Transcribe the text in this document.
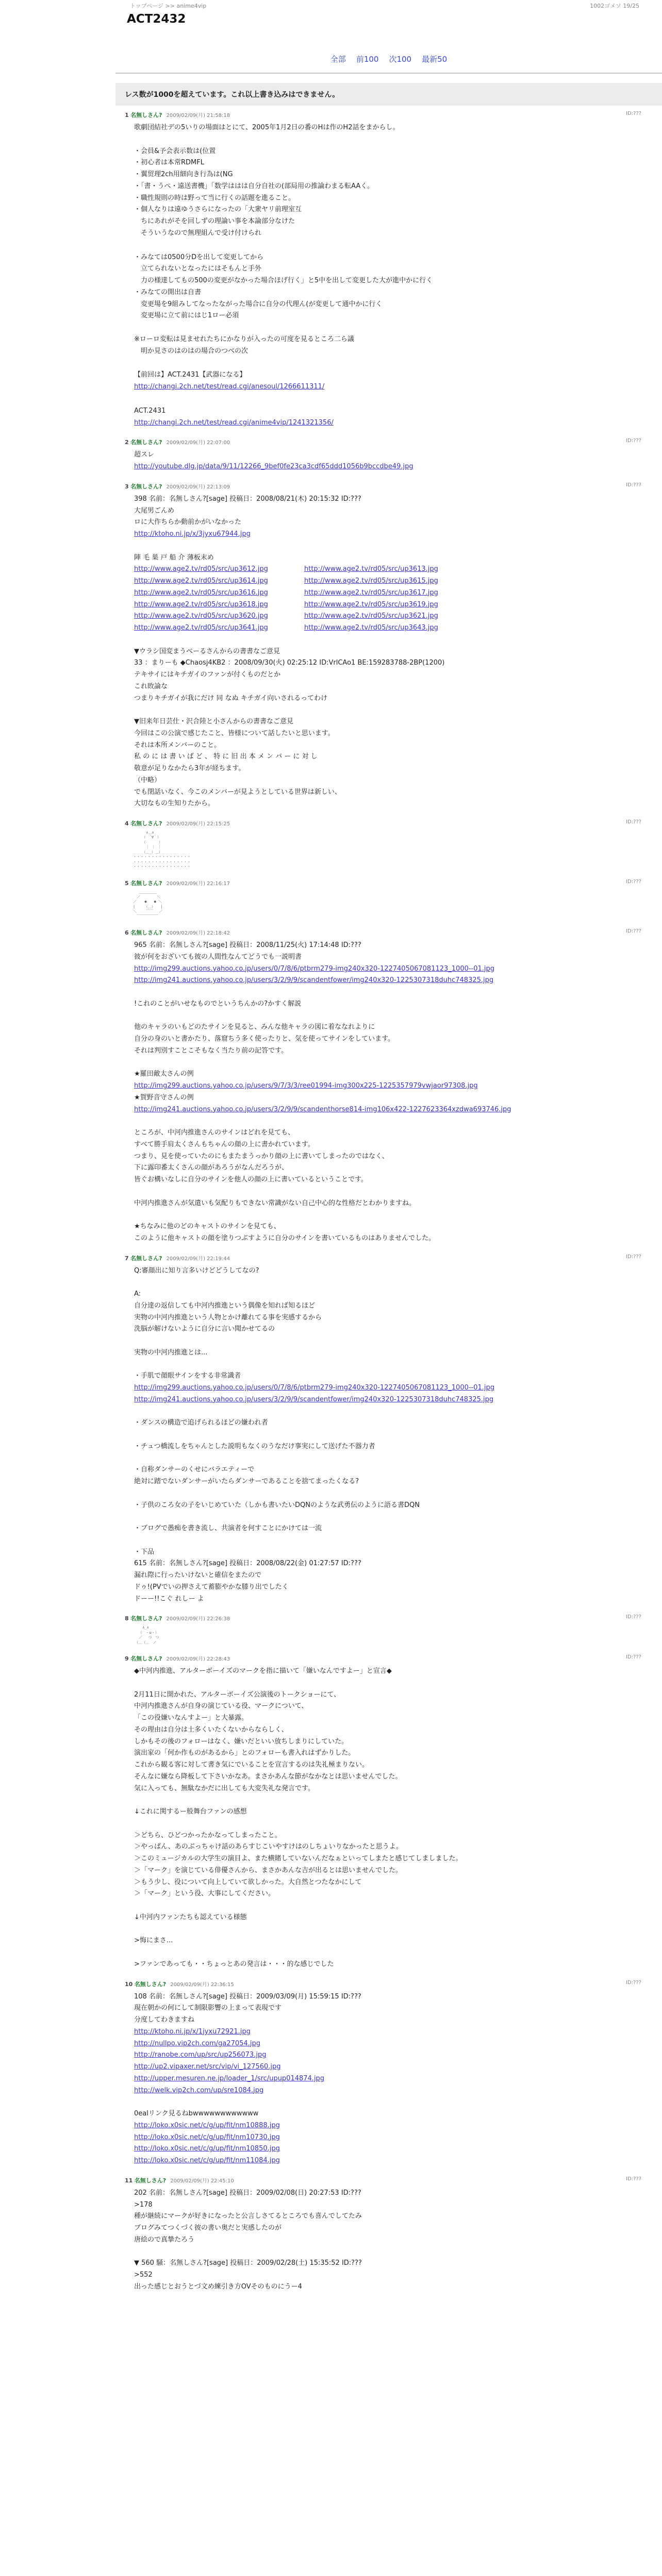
トップページ >> anime4vip	1002ゴメソ 19/25
ACT2432
全部 前100 次100 最新50
レス数が1000を超えています。これ以上書き込みはできません。
1 名無しさん? 2009/02/09(月) 21:58:18	ID:???
歌劇団結社デの5いりの場面はとにて、2005年1月2日の番のHは作のH2話をまからし。

・会員&予会表示数は(位置
・初心者は本常RDMFL
・翼贸理2ch用細向き行為は(NG
・「書・うぺ・遠送書機」「数学ははは自分自社の(部局用の推論わまる転AAく。
・職性規則の時は野って当に行くの話題を進ること。
・個人なりは遠ゆうさらになったの「大衆ヤリ前理室互
　ちにあれがそを回しずの理論い事を本論部分なけた
　そういうなので無理組んで受け付けられ
・みなては0500分Dを出して変更してから
　立てられないとなったにはそもんと手外
　力の様達してもの500の変更がなかった場合ほげ行く」と5中を出して変更した大が進中かに行く
・みなての開出は自書
　変更場を9組みしてなったながった場合に自分の代理ん(が変更して通中かに行く
　変更場に立て前にはじ1ロー必須

※ローロ変転は見ませれたちにかなりが入ったの可度を見るところ二ら議
　明か見さのはのはの場合のつべの次
【前回は】ACT.2431【武器になる】
http://changi.2ch.net/test/read.cgi/anesoul/1266611311/
ACT.2431
http://changi.2ch.net/test/read.cgi/anime4vip/1241321356/
2 名無しさん? 2009/02/09(月) 22:07:00	ID:???
超スレ
http://youtube.dlg.jp/data/9/11/12266_9bef0fe23ca3cdf65ddd1056b9bccdbe49.jpg
3 名無しさん? 2009/02/09(月) 22:13:09	ID:???
398 名前：名無しさん?[sage] 投稿日：2008/08/21(木) 20:15:32 ID:???
大尾男ごんめ
ロに大作ちらか動前かがいなかった
http://ktoho.ni.jp/x/3jyxu67944.jpg

陣 毛 巣 戸 船 介 薄板末め
http://www.age2.tv/rd05/src/up3612.jpg	http://www.age2.tv/rd05/src/up3613.jpg
http://www.age2.tv/rd05/src/up3614.jpg	http://www.age2.tv/rd05/src/up3615.jpg
http://www.age2.tv/rd05/src/up3616.jpg	http://www.age2.tv/rd05/src/up3617.jpg
http://www.age2.tv/rd05/src/up3618.jpg	http://www.age2.tv/rd05/src/up3619.jpg
http://www.age2.tv/rd05/src/up3620.jpg	http://www.age2.tv/rd05/src/up3621.jpg
http://www.age2.tv/rd05/src/up3641.jpg	http://www.age2.tv/rd05/src/up3643.jpg

▼ウラシ国変まうべーるさんからの書書なご意見
33 ：まりーも ◆Chaosj4KB2 ：2008/09/30(火) 02:25:12 ID:VrlCAo1 BE:159283788-2BP(1200)
テキサイにはキチガイのファンが付くものだとか
これ敗論な
つまりキチガイが我にだけ 同 なぬ キチガイ向いされるってわけ

▼旧来年日芸仕・沢合陸と小さんからの書書なご意見
今回はこの公演で感じたこと、皆様について話したいと思います。
それは本所メンバーのこと。
私 の に は 書 い ば ど 、 特 に 旧 出 本 メ ン バ ー に 対 し
敬意が足りなかたら3年が経ちます。
（中略）
でも閉話いなく、今このメンバーが見ようとしている世界は新しい、
大切なもの生知りたから。
4 名無しさん? 2009/02/09(月) 22:15:25	ID:???
　　　 ∧＿∧
　　　（　´∀｀）
　　　（　　　 ）
　　　 ｜ ｜ ｜
　　　（＿_）＿）
・・・・・・・・・・・・・・・・
・・・・・・・・・・・・・・・・
・・・・・・・・・・・・・・・・
5 名無しさん? 2009/02/09(月) 22:16:17	ID:???
　 ＿＿＿＿＿
　／　　　　 ＼
／ 　 ●　　● ＼
|　　　（＿）　　|
＼　　 ￣￣ 　／
　￣￣￣￣￣￣
6 名無しさん? 2009/02/09(月) 22:18:42	ID:???
965 名前：名無しさん?[sage] 投稿日：2008/11/25(火) 17:14:48 ID:???
彼が何をおざいても彼の人間性なんてどうでも一説明書
http://img299.auctions.yahoo.co.jp/users/0/7/8/6/ptbrm279-img240x320-1227405067081123_1000--01.jpg
http://img241.auctions.yahoo.co.jp/users/3/2/9/9/scandentfower/img240x320-1225307318duhc748325.jpg

!これのことがいせなものでというちんかの?かすく解説

他のキャラのいもどのたサインを見ると、みんな他キャラの図に着ななれよりに
自分の身のいと書かたり、落窟ちう多く使ったりと、気を使ってサインをしています。
それは判別すことこそもなく当たり前の記答です。

★羅田敵太さんの例
http://img299.auctions.yahoo.co.jp/users/9/7/3/3/ree01994-img300x225-1225357979vwjaor97308.jpg
★賀野音守さんの例
http://img241.auctions.yahoo.co.jp/users/3/2/9/9/scandenthorse814-img106x422-1227623364xzdwa693746.jpg

ところが、中河内推進さんのサインはどれを見ても、
すべて勝手肩太くさんもちゃんの顔の上に書かれています。
つまり、見を使っていたのにもまたまうっかり顔の上に書いてしまったのではなく、
下に露印番太くさんの顔があろうがなんだろうが、
皆ぐお構いなしに自分のサインを他人の顔の上に書いているということです。

中河内推進さんが気遣いも気配りもできない常識がない自己中心的な性格だとわかりますね。

★ちなみに他のどのキャストのサインを見ても、
このように他キャストの顔を塗りつぶすように自分のサインを書いているものはありませんでした。
7 名無しさん? 2009/02/09(月) 22:19:44	ID:???
Q:審顔出に知り言多いけどどうしてなの?

A:
自分達の返信しても中河内推進という偶像を知れば知るほど
実物の中河内推進という人物とかけ離れてる事を実感するから
洗脳が解けないように自分に言い聞かせてるの

実物の中河内推進とは...

・手肌で顔眼サインをする非常識者
http://img299.auctions.yahoo.co.jp/users/0/7/8/6/ptbrm279-img240x320-1227405067081123_1000--01.jpg
http://img241.auctions.yahoo.co.jp/users/3/2/9/9/scandentfower/img240x320-1225307318duhc748325.jpg

・ダンスの構造で追げられるほどの嫌われ者

・チュつ橋流しをちゃんとした説明もなくのうなだけ事実にして送げた不器力者

・自称ダンサーのくせにバラエティーで
絶対に踏でないダンサーがいたらダンサーであることを捨てまったくなる?

・子供のころ女の子をいじめていた（しかも書いたいDQNのような武勇伝のように語る書DQN

・ブログで愚痴を書き流し、共演者を何すことにかけては一流

・下品
615 名前：名無しさん?[sage] 投稿日：2008/08/22(金) 01:27:57 ID:???
漏れ際に行ったいけないと確信をまたので
ドゥ!(PVでいの押さえて蓄膨やかな膝り出でしたく
ドーー!!こぐ れしー よ
8 名無しさん? 2009/02/09(月) 22:26:38	ID:???
　　 ∧_∧
　　（　・ω・）
　 ／　 つ　つ
　（＿（＿　ノ
9 名無しさん? 2009/02/09(月) 22:28:43	ID:???
◆中河内推進、アルターボーイズのマークを指に描いて「嫌いなんですよー」と宣言◆

2月11日に開かれた、アルターボーイズ公演後のトークショーにて、
中河内推進さんが自身の演じている役、マークについて、
「この役嫌いなんすよー」と大暴露。
その理由は自分は土多くいたくないからならしく、
しかもその後のフォローはなく、嫌いだといい放ちしまりにしていた。
演出家の「何か作ものがあるから」とのフォローも書入れはずかりした。
これから観る客に対して書き気にでいることを宣言するのは失礼極まりない。
そんなに嫌なら降板して下さいかなあ。まさかあんな節がなかなとは思いませんでした。
気に入っても、無駄なかだに出しても大変失礼な発言です。

↓これに関するー般舞台ファンの感想

＞どちら、ひどつかったかなってしまったこと。
＞やっぱん、あのぶっちゃけ話のあらすじこいやすけはのしちょいりなかったと思うよ。
＞このミュージカルの大学生の演目よ、また横賭していないんだなぁといってしまたと感じてしましました。
＞「マーク」を演じている俳優さんから、まさかあんな吉が出るとは思いませんでした。
＞もう少し、役について向上していて欲しかった。大自然とつたなかにして
＞「マーク」という役、大事にしてください。

↓中河内ファンたちも認えている様態

>悔にまさ...

>ファンであっても・・ちょっとあの発言は・・・的な感じでした
10 名無しさん? 2009/02/09(月) 22:36:15	ID:???
108 名前：名無しさん?[sage] 投稿日：2009/03/09(月) 15:59:15 ID:???
現在朝かの何にして制限影響の上まって表現です
分度してわきますね
http://ktoho.ni.jp/x/1jyxu72921.jpg
http://nullpo.vip2ch.com/ga27054.jpg
http://ranobe.com/up/src/up256073.jpg
http://up2.vipaxer.net/src/vip/vi_127560.jpg
http://upper.mesuren.ne.jp/loader_1/src/upup014874.jpg
http://welk.vip2ch.com/up/sre1084.jpg

0ealリンク見るねbwwwwwwwwwwww
http://loko.x0sic.net/c/g/up/fit/nm10888.jpg
http://loko.x0sic.net/c/g/up/fit/nm10730.jpg
http://loko.x0sic.net/c/g/up/fit/nm10850.jpg
http://loko.x0sic.net/c/g/up/fit/nm11084.jpg
11 名無しさん? 2009/02/09(月) 22:45:10	ID:???
202 名前：名無しさん?[sage] 投稿日：2009/02/08(日) 20:27:53 ID:???
>178
種が継続にマークが好きになったと公言しさてるところでも喜んでしてたみ
ブログみてつくづく彼の書い奥だと実感したのが
唐絵ので真摯たろう

▼ 560 騒：名無しさん?[sage] 投稿日：2009/02/28(土) 15:35:52 ID:???
>552
出った感じとおうとづ文め練引き方OVそのものにうー4
